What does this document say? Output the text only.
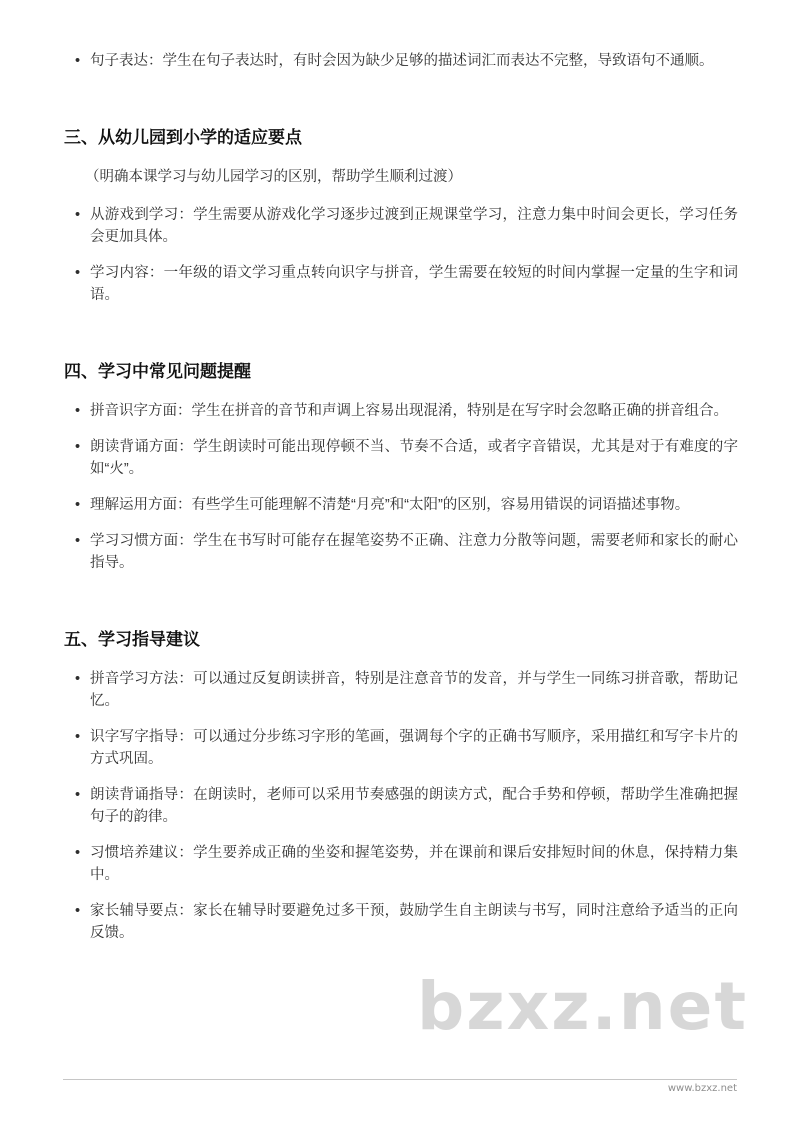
• 句子表达：学生在句子表达时，有时会因为缺少足够的描述词汇而表达不完整，导致语句不通顺。
三、从幼儿园到小学的适应要点

（明确本课学习与幼儿园学习的区别，帮助学生顺利过渡）

• 从游戏到学习：学生需要从游戏化学习逐步过渡到正规课堂学习，注意力集中时间会更长，学习任务会更加具体。
• 学习内容：一年级的语文学习重点转向识字与拼音，学生需要在较短的时间内掌握一定量的生字和词语。
四、学习中常见问题提醒
• 拼音识字方面：学生在拼音的音节和声调上容易出现混淆，特别是在写字时会忽略正确的拼音组合。
• 朗读背诵方面：学生朗读时可能出现停顿不当、节奏不合适，或者字音错误，尤其是对于有难度的字如“火”。
• 理解运用方面：有些学生可能理解不清楚“月亮”和“太阳”的区别，容易用错误的词语描述事物。
• 学习习惯方面：学生在书写时可能存在握笔姿势不正确、注意力分散等问题，需要老师和家长的耐心指导。
五、学习指导建议
• 拼音学习方法：可以通过反复朗读拼音，特别是注意音节的发音，并与学生一同练习拼音歌，帮助记忆。
• 识字写字指导：可以通过分步练习字形的笔画，强调每个字的正确书写顺序，采用描红和写字卡片的方式巩固。
• 朗读背诵指导：在朗读时，老师可以采用节奏感强的朗读方式，配合手势和停顿，帮助学生准确把握句子的韵律。
• 习惯培养建议：学生要养成正确的坐姿和握笔姿势，并在课前和课后安排短时间的休息，保持精力集中。
• 家长辅导要点：家长在辅导时要避免过多干预，鼓励学生自主朗读与书写，同时注意给予适当的正向反馈。
bzxz.net
www.bzxz.net
